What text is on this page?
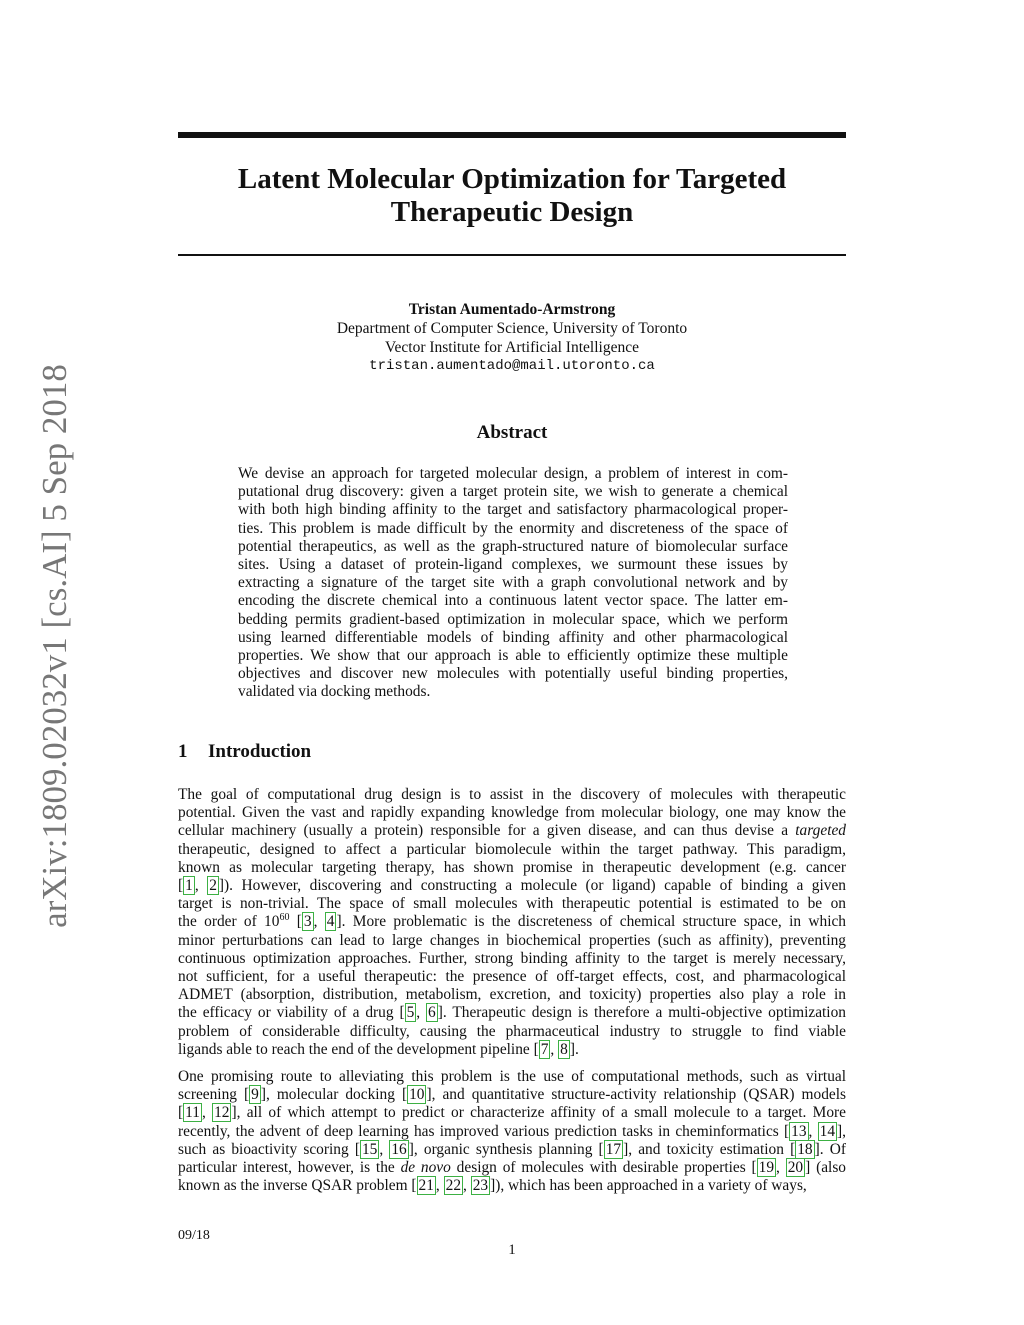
Latent Molecular Optimization for Targeted
Therapeutic Design
Tristan Aumentado-Armstrong
Department of Computer Science, University of Toronto
Vector Institute for Artificial Intelligence
tristan.aumentado@mail.utoronto.ca
Abstract
We devise an approach for targeted molecular design, a problem of interest in com-
putational drug discovery: given a target protein site, we wish to generate a chemical
with both high binding affinity to the target and satisfactory pharmacological proper-
ties. This problem is made difficult by the enormity and discreteness of the space of
potential therapeutics, as well as the graph-structured nature of biomolecular surface
sites. Using a dataset of protein-ligand complexes, we surmount these issues by
extracting a signature of the target site with a graph convolutional network and by
encoding the discrete chemical into a continuous latent vector space. The latter em-
bedding permits gradient-based optimization in molecular space, which we perform
using learned differentiable models of binding affinity and other pharmacological
properties. We show that our approach is able to efficiently optimize these multiple
objectives and discover new molecules with potentially useful binding properties,
validated via docking methods.
1 Introduction
The goal of computational drug design is to assist in the discovery of molecules with therapeutic
potential. Given the vast and rapidly expanding knowledge from molecular biology, one may know the
cellular machinery (usually a protein) responsible for a given disease, and can thus devise a targeted
therapeutic, designed to affect a particular biomolecule within the target pathway. This paradigm,
known as molecular targeting therapy, has shown promise in therapeutic development (e.g. cancer
[ 1 , 2 ]). However, discovering and constructing a molecule (or ligand) capable of binding a given
target is non-trivial. The space of small molecules with therapeutic potential is estimated to be on
the order of $10^{60}$ [ 3 , 4 ]. More problematic is the discreteness of chemical structure space, in which
minor perturbations can lead to large changes in biochemical properties (such as affinity), preventing
continuous optimization approaches. Further, strong binding affinity to the target is merely necessary,
not sufficient, for a useful therapeutic: the presence of off-target effects, cost, and pharmacological
ADMET (absorption, distribution, metabolism, excretion, and toxicity) properties also play a role in
the efficacy or viability of a drug [ 5 , 6 ]. Therapeutic design is therefore a multi-objective optimization
problem of considerable difficulty, causing the pharmaceutical industry to struggle to find viable
ligands able to reach the end of the development pipeline [ 7 , 8 ].
One promising route to alleviating this problem is the use of computational methods, such as virtual
screening [ 9 ], molecular docking [ 10 ], and quantitative structure-activity relationship (QSAR) models
[ 11 , 12 ], all of which attempt to predict or characterize affinity of a small molecule to a target. More
recently, the advent of deep learning has improved various prediction tasks in cheminformatics [ 13 , 14 ],
such as bioactivity scoring [ 15 , 16 ], organic synthesis planning [ 17 ], and toxicity estimation [ 18 ]. Of
particular interest, however, is the de novo design of molecules with desirable properties [ 19 , 20 ] (also
known as the inverse QSAR problem [ 21 , 22 , 23 ]), which has been approached in a variety of ways,
arXiv:1809.02032v1 [cs.AI] 5 Sep 2018
09/18
1
